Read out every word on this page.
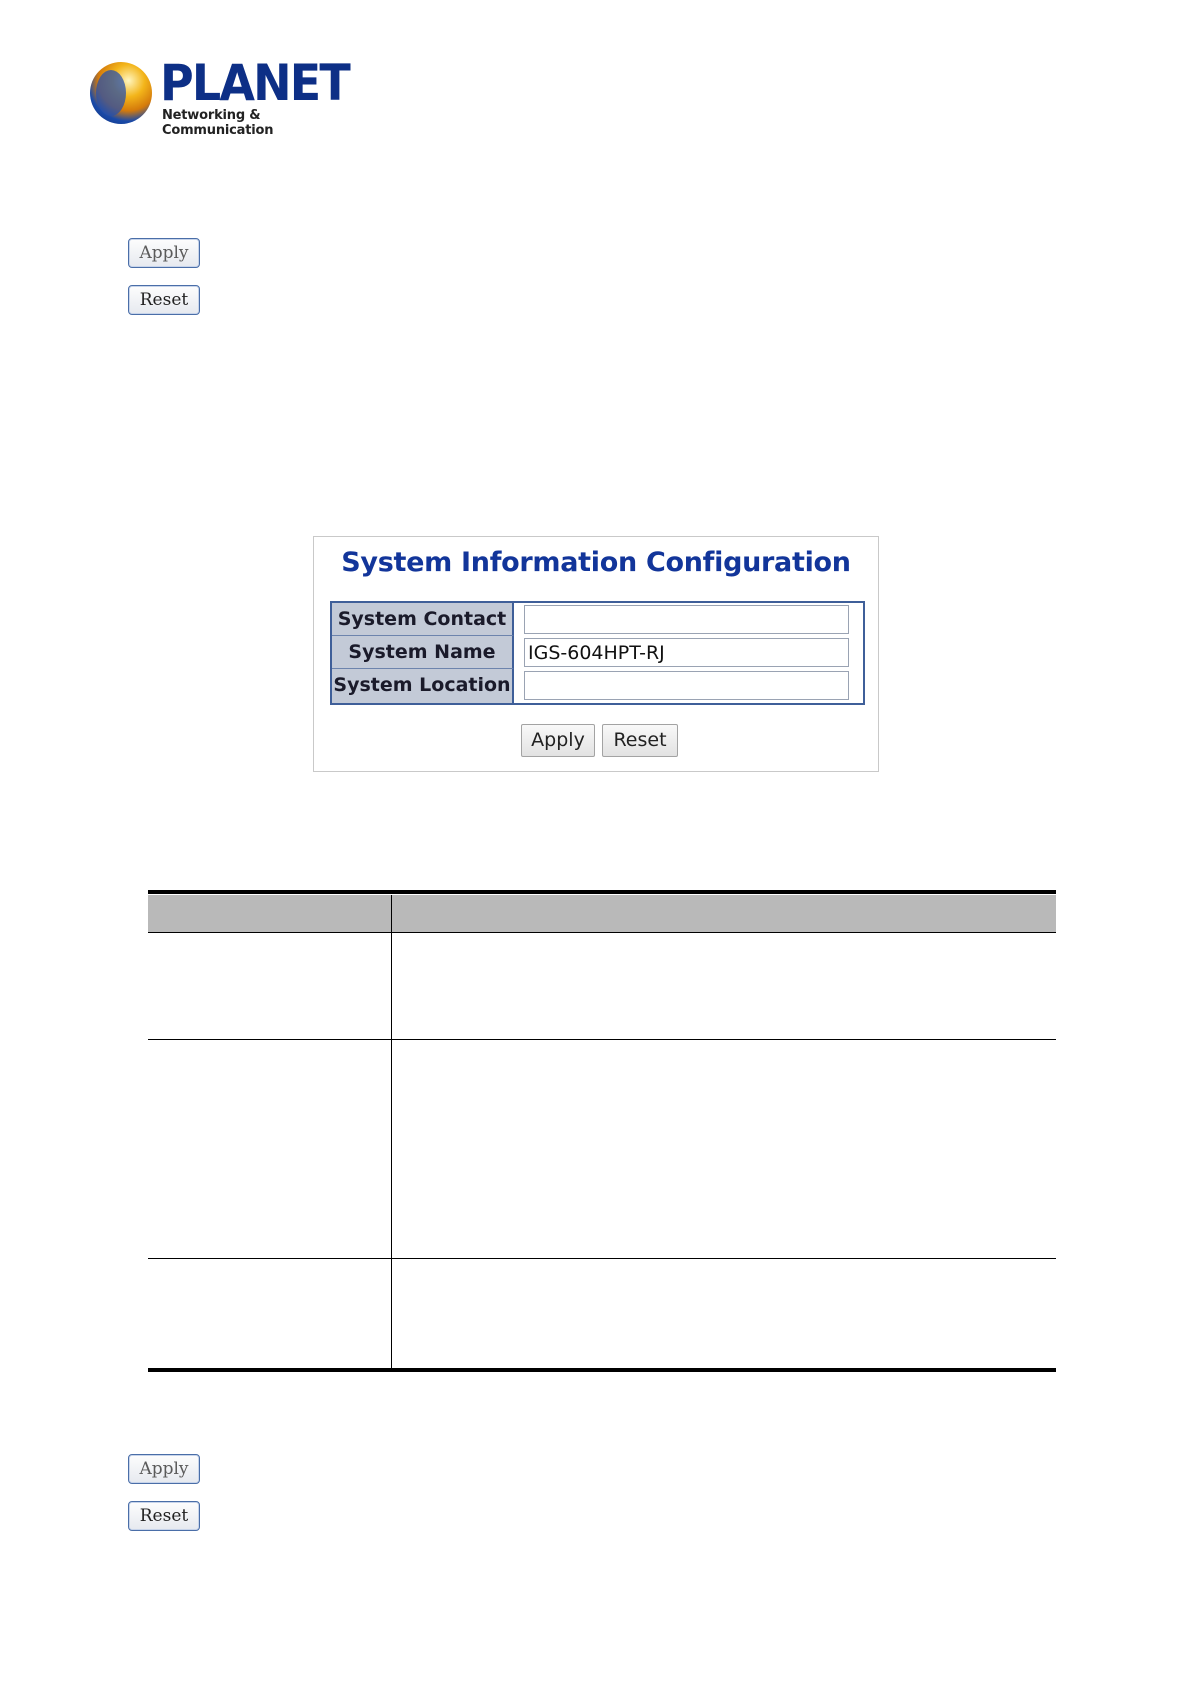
PLANET
Networking & Communication
Apply
Reset
System Information Configuration
System Contact
System Name
IGS-604HPT-RJ
System Location
Apply	Reset
Apply
Reset
